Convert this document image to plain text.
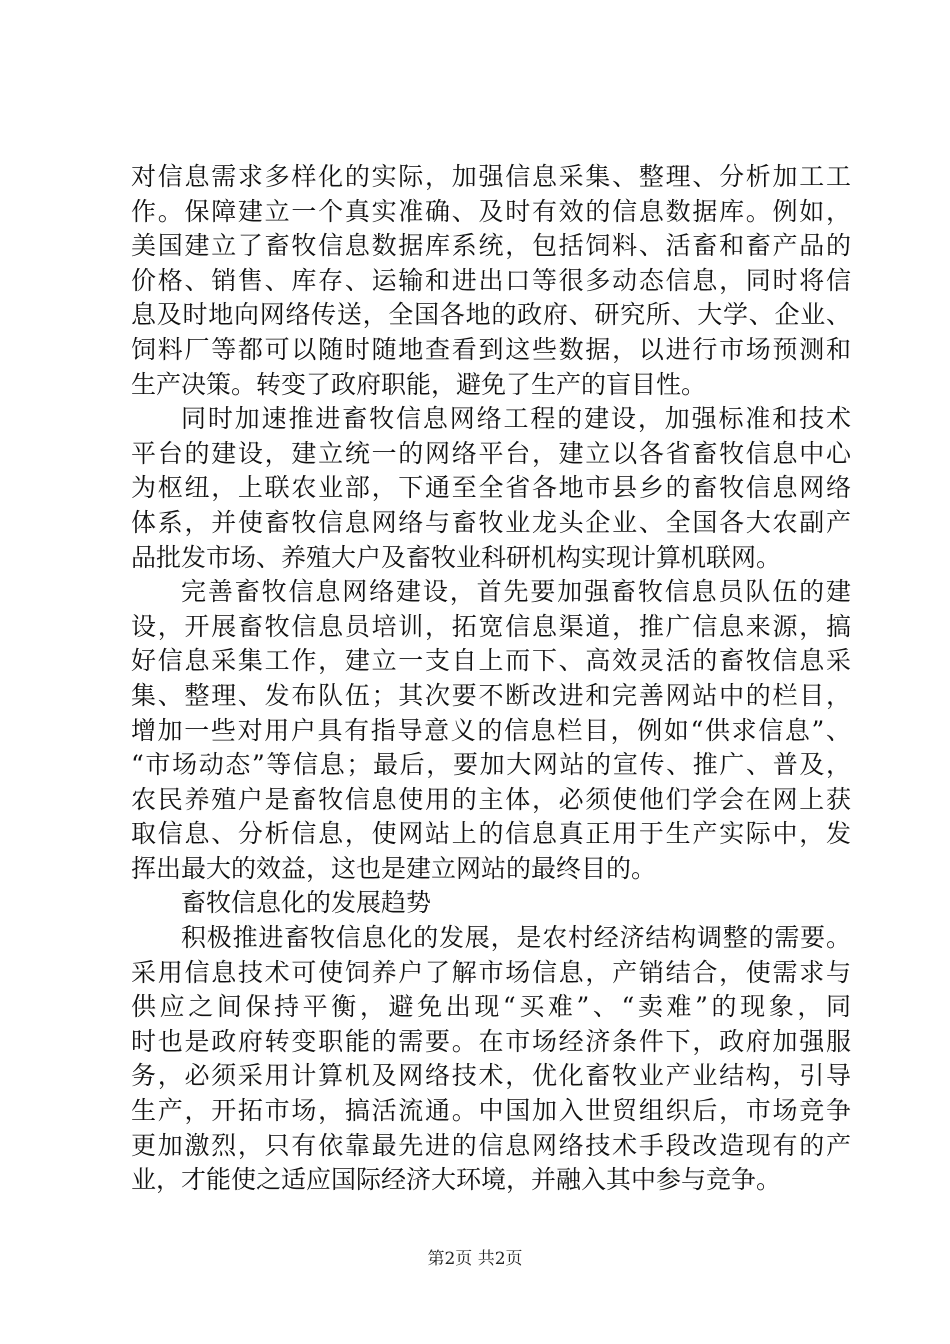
对信息需求多样化的实际，加强信息采集、整理、分析加工工
作。保障建立一个真实准确、及时有效的信息数据库。例如，
美国建立了畜牧信息数据库系统，包括饲料、活畜和畜产品的
价格、销售、库存、运输和进出口等很多动态信息，同时将信
息及时地向网络传送，全国各地的政府、研究所、大学、企业、
饲料厂等都可以随时随地查看到这些数据，以进行市场预测和
生产决策。转变了政府职能，避免了生产的盲目性。
同时加速推进畜牧信息网络工程的建设，加强标准和技术
平台的建设，建立统一的网络平台，建立以各省畜牧信息中心
为枢纽，上联农业部，下通至全省各地市县乡的畜牧信息网络
体系，并使畜牧信息网络与畜牧业龙头企业、全国各大农副产
品批发市场、养殖大户及畜牧业科研机构实现计算机联网。
完善畜牧信息网络建设，首先要加强畜牧信息员队伍的建
设，开展畜牧信息员培训，拓宽信息渠道，推广信息来源，搞
好信息采集工作，建立一支自上而下、高效灵活的畜牧信息采
集、整理、发布队伍；其次要不断改进和完善网站中的栏目，
增加一些对用户具有指导意义的信息栏目，例如“供求信息”、
“市场动态”等信息；最后，要加大网站的宣传、推广、普及，
农民养殖户是畜牧信息使用的主体，必须使他们学会在网上获
取信息、分析信息，使网站上的信息真正用于生产实际中，发
挥出最大的效益，这也是建立网站的最终目的。
畜牧信息化的发展趋势
积极推进畜牧信息化的发展，是农村经济结构调整的需要。
采用信息技术可使饲养户了解市场信息，产销结合，使需求与
供应之间保持平衡，避免出现“买难”、“卖难”的现象，同
时也是政府转变职能的需要。在市场经济条件下，政府加强服
务，必须采用计算机及网络技术，优化畜牧业产业结构，引导
生产，开拓市场，搞活流通。中国加入世贸组织后，市场竞争
更加激烈，只有依靠最先进的信息网络技术手段改造现有的产
业，才能使之适应国际经济大环境，并融入其中参与竞争。
第2页 共2页
